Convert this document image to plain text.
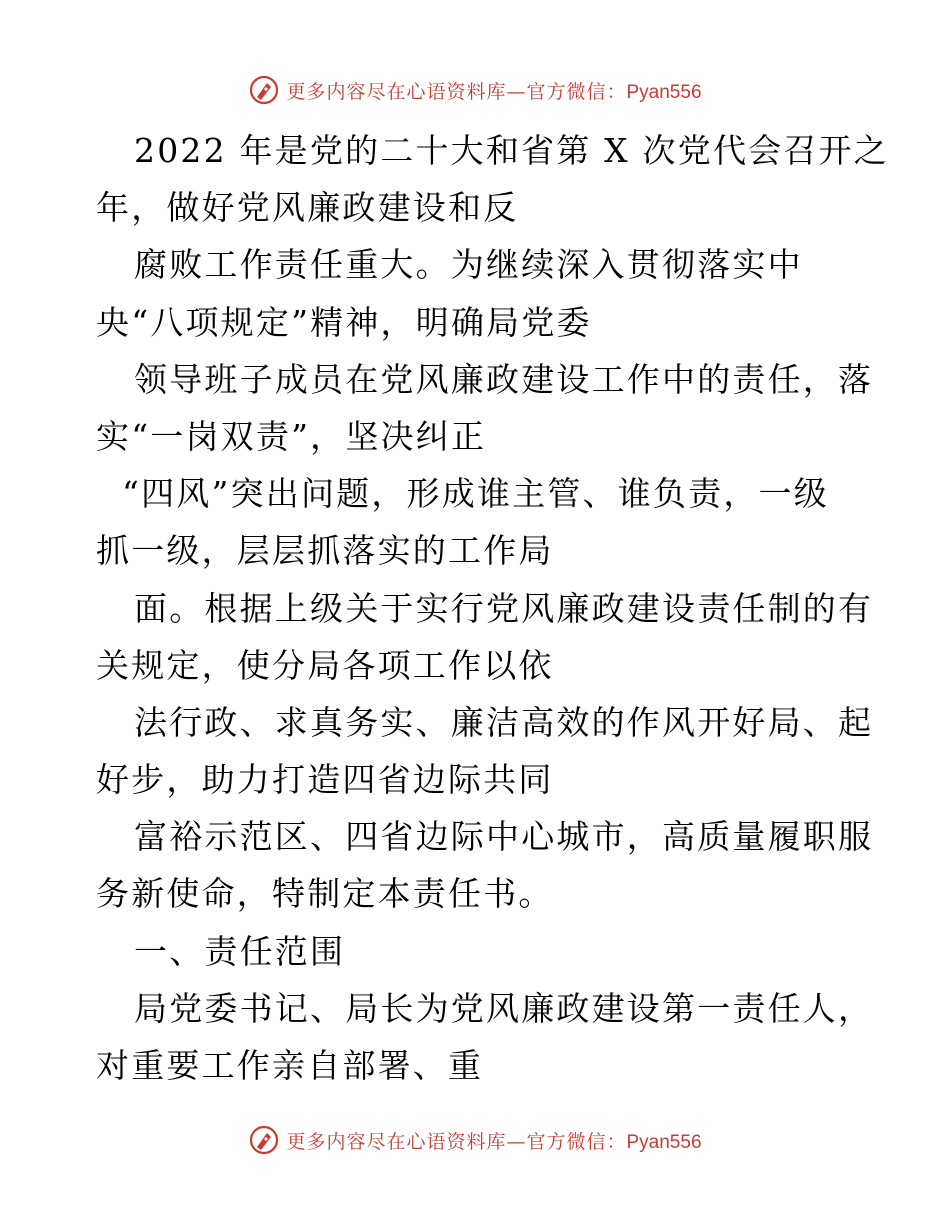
更多内容尽在心语资料库—官方微信：Pyan556
2022 年是党的二十大和省第 X 次党代会召开之
年，做好党风廉政建设和反
腐败工作责任重大。为继续深入贯彻落实中
央“八项规定”精神，明确局党委
领导班子成员在党风廉政建设工作中的责任，落
实“一岗双责”，坚决纠正
“四风”突出问题，形成谁主管、谁负责，一级
抓一级，层层抓落实的工作局
面。根据上级关于实行党风廉政建设责任制的有
关规定，使分局各项工作以依
法行政、求真务实、廉洁高效的作风开好局、起
好步，助力打造四省边际共同
富裕示范区、四省边际中心城市，高质量履职服
务新使命，特制定本责任书。
一、责任范围
局党委书记、局长为党风廉政建设第一责任人，
对重要工作亲自部署、重
更多内容尽在心语资料库—官方微信：Pyan556
